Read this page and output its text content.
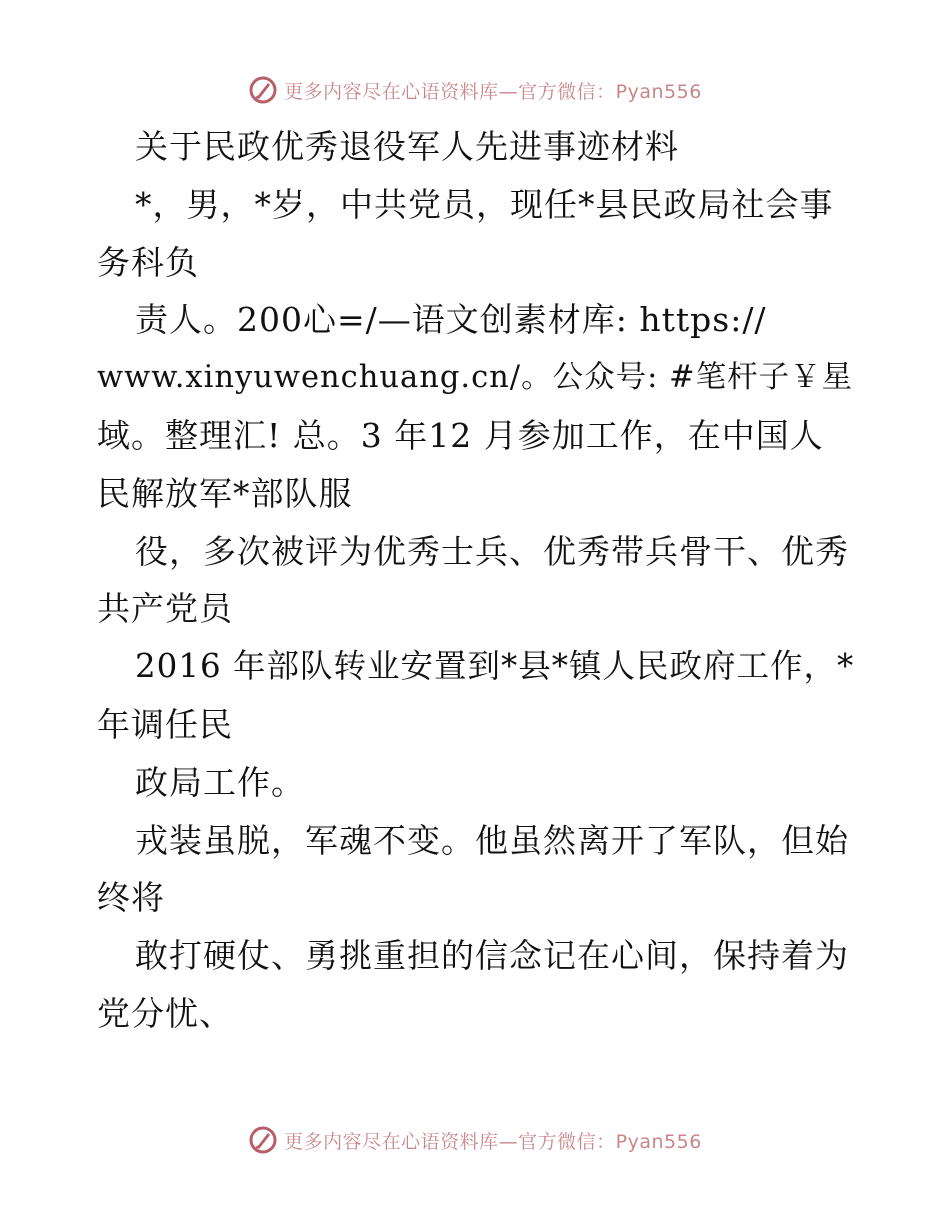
更多内容尽在心语资料库—官方微信：Pyan556
关于民政优秀退役军人先进事迹材料
*，男，*岁，中共党员，现任*县民政局社会事
务科负
责人。200心=/—语文创素材库: https://
www.xinyuwenchuang.cn/。公众号: #笔杆子￥星
域。整理汇! 总。3 年12 月参加工作，在中国人
民解放军*部队服
役，多次被评为优秀士兵、优秀带兵骨干、优秀
共产党员
2016 年部队转业安置到*县*镇人民政府工作，*
年调任民
政局工作。
戎装虽脱，军魂不变。他虽然离开了军队，但始
终将
敢打硬仗、勇挑重担的信念记在心间，保持着为
党分忧、
更多内容尽在心语资料库—官方微信：Pyan556
